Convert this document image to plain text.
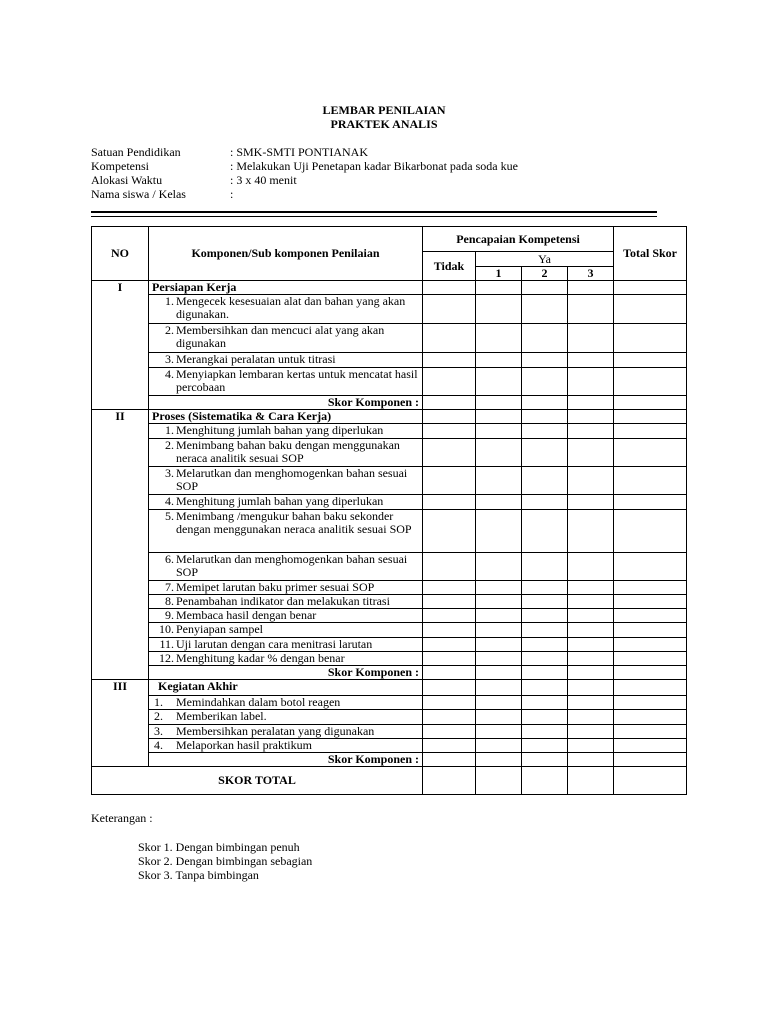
LEMBAR PENILAIAN
PRAKTEK ANALIS
Satuan Pendidikan	: SMK-SMTI PONTIANAK
Kompetensi	: Melakukan Uji Penetapan kadar Bikarbonat pada soda kue
Alokasi Waktu	: 3 x 40 menit
Nama siswa / Kelas	:
NO	Komponen/Sub komponen Penilaian	Pencapaian Kompetensi				Total Skor
		Tidak	Ya			
			1	2	3	
I	Persiapan Kerja					

	1. Mengecek kesesuaian alat dan bahan yang akan digunakan.					

	2. Membersihkan dan mencuci alat yang akan digunakan					

	3. Merangkai peralatan untuk titrasi					

	4. Menyiapkan lembaran kertas untuk mencatat hasil percobaan					
	Skor Komponen :					
II	Proses (Sistematika & Cara Kerja)					

	1. Menghitung jumlah bahan yang diperlukan					

	2. Menimbang bahan baku dengan menggunakan neraca analitik sesuai SOP					

	3. Melarutkan dan menghomogenkan bahan sesuai SOP					

	4. Menghitung jumlah bahan yang diperlukan					

	5. Menimbang /mengukur bahan baku sekonder dengan menggunakan neraca analitik sesuai SOP					

	6. Melarutkan dan menghomogenkan bahan sesuai SOP					

	7. Memipet larutan baku primer sesuai SOP					

	8. Penambahan indikator dan melakukan titrasi					

	9. Membaca hasil dengan benar					

	10. Penyiapan sampel					

	11. Uji larutan dengan cara menitrasi larutan					

	12. Menghitung kadar % dengan benar					
	Skor Komponen :					
III	Kegiatan Akhir					

	1. Memindahkan dalam botol reagen					

	2. Memberikan label.					

	3. Membersihkan peralatan yang digunakan					

	4. Melaporkan hasil praktikum					
	Skor Komponen :					
SKOR TOTAL						
Keterangan :
Skor 1. Dengan bimbingan penuh
Skor 2. Dengan bimbingan sebagian
Skor 3. Tanpa bimbingan
